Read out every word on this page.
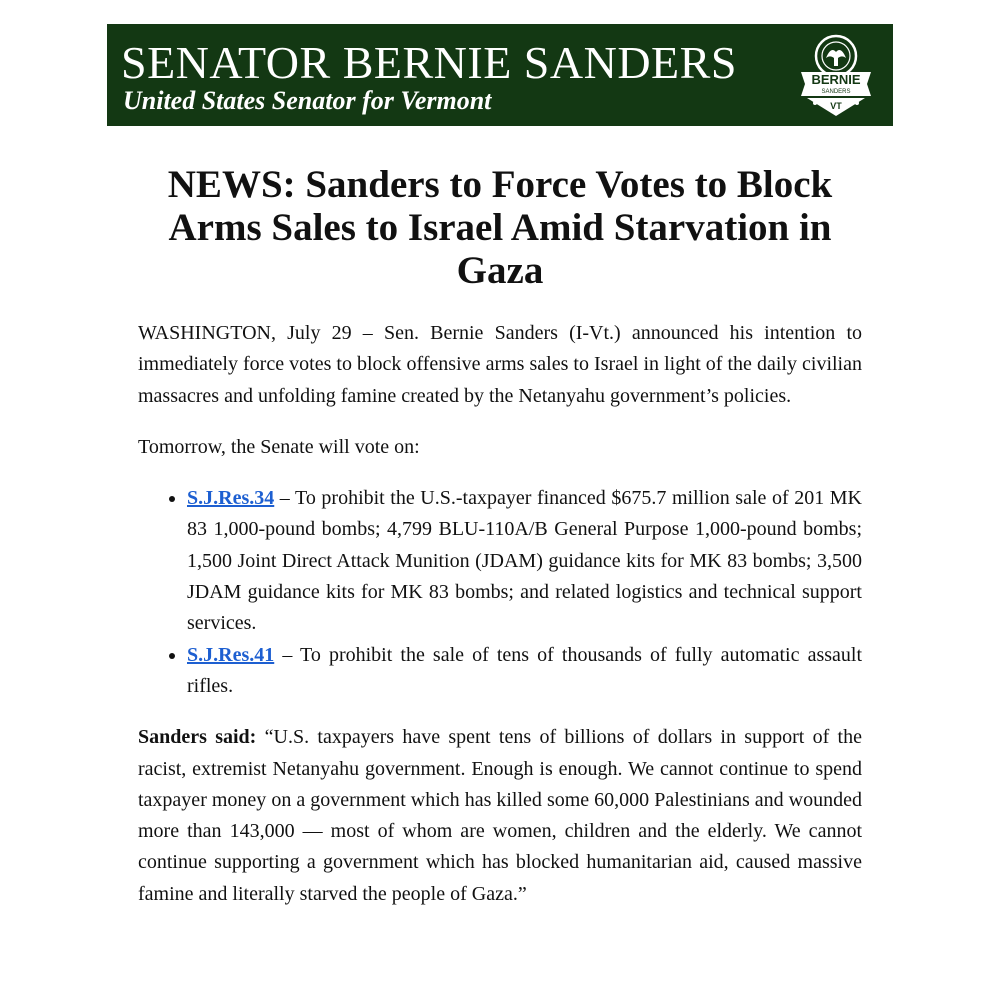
SENATOR BERNIE SANDERS
United States Senator for Vermont
BERNIE
SANDERS
VT
NEWS: Sanders to Force Votes to Block Arms Sales to Israel Amid Starvation in Gaza

WASHINGTON, July 29 – Sen. Bernie Sanders (I-Vt.) announced his intention to immediately force votes to block offensive arms sales to Israel in light of the daily civilian massacres and unfolding famine created by the Netanyahu government’s policies.

Tomorrow, the Senate will vote on:

• S.J.Res.34 – To prohibit the U.S.-taxpayer financed $675.7 million sale of 201 MK 83 1,000-pound bombs; 4,799 BLU-110A/B General Purpose 1,000-pound bombs; 1,500 Joint Direct Attack Munition (JDAM) guidance kits for MK 83 bombs; 3,500 JDAM guidance kits for MK 83 bombs; and related logistics and technical support services.
• S.J.Res.41 – To prohibit the sale of tens of thousands of fully automatic assault rifles.

Sanders said: “U.S. taxpayers have spent tens of billions of dollars in support of the racist, extremist Netanyahu government. Enough is enough. We cannot continue to spend taxpayer money on a government which has killed some 60,000 Palestinians and wounded more than 143,000 — most of whom are women, children and the elderly. We cannot continue supporting a government which has blocked humanitarian aid, caused massive famine and literally starved the people of Gaza.”
